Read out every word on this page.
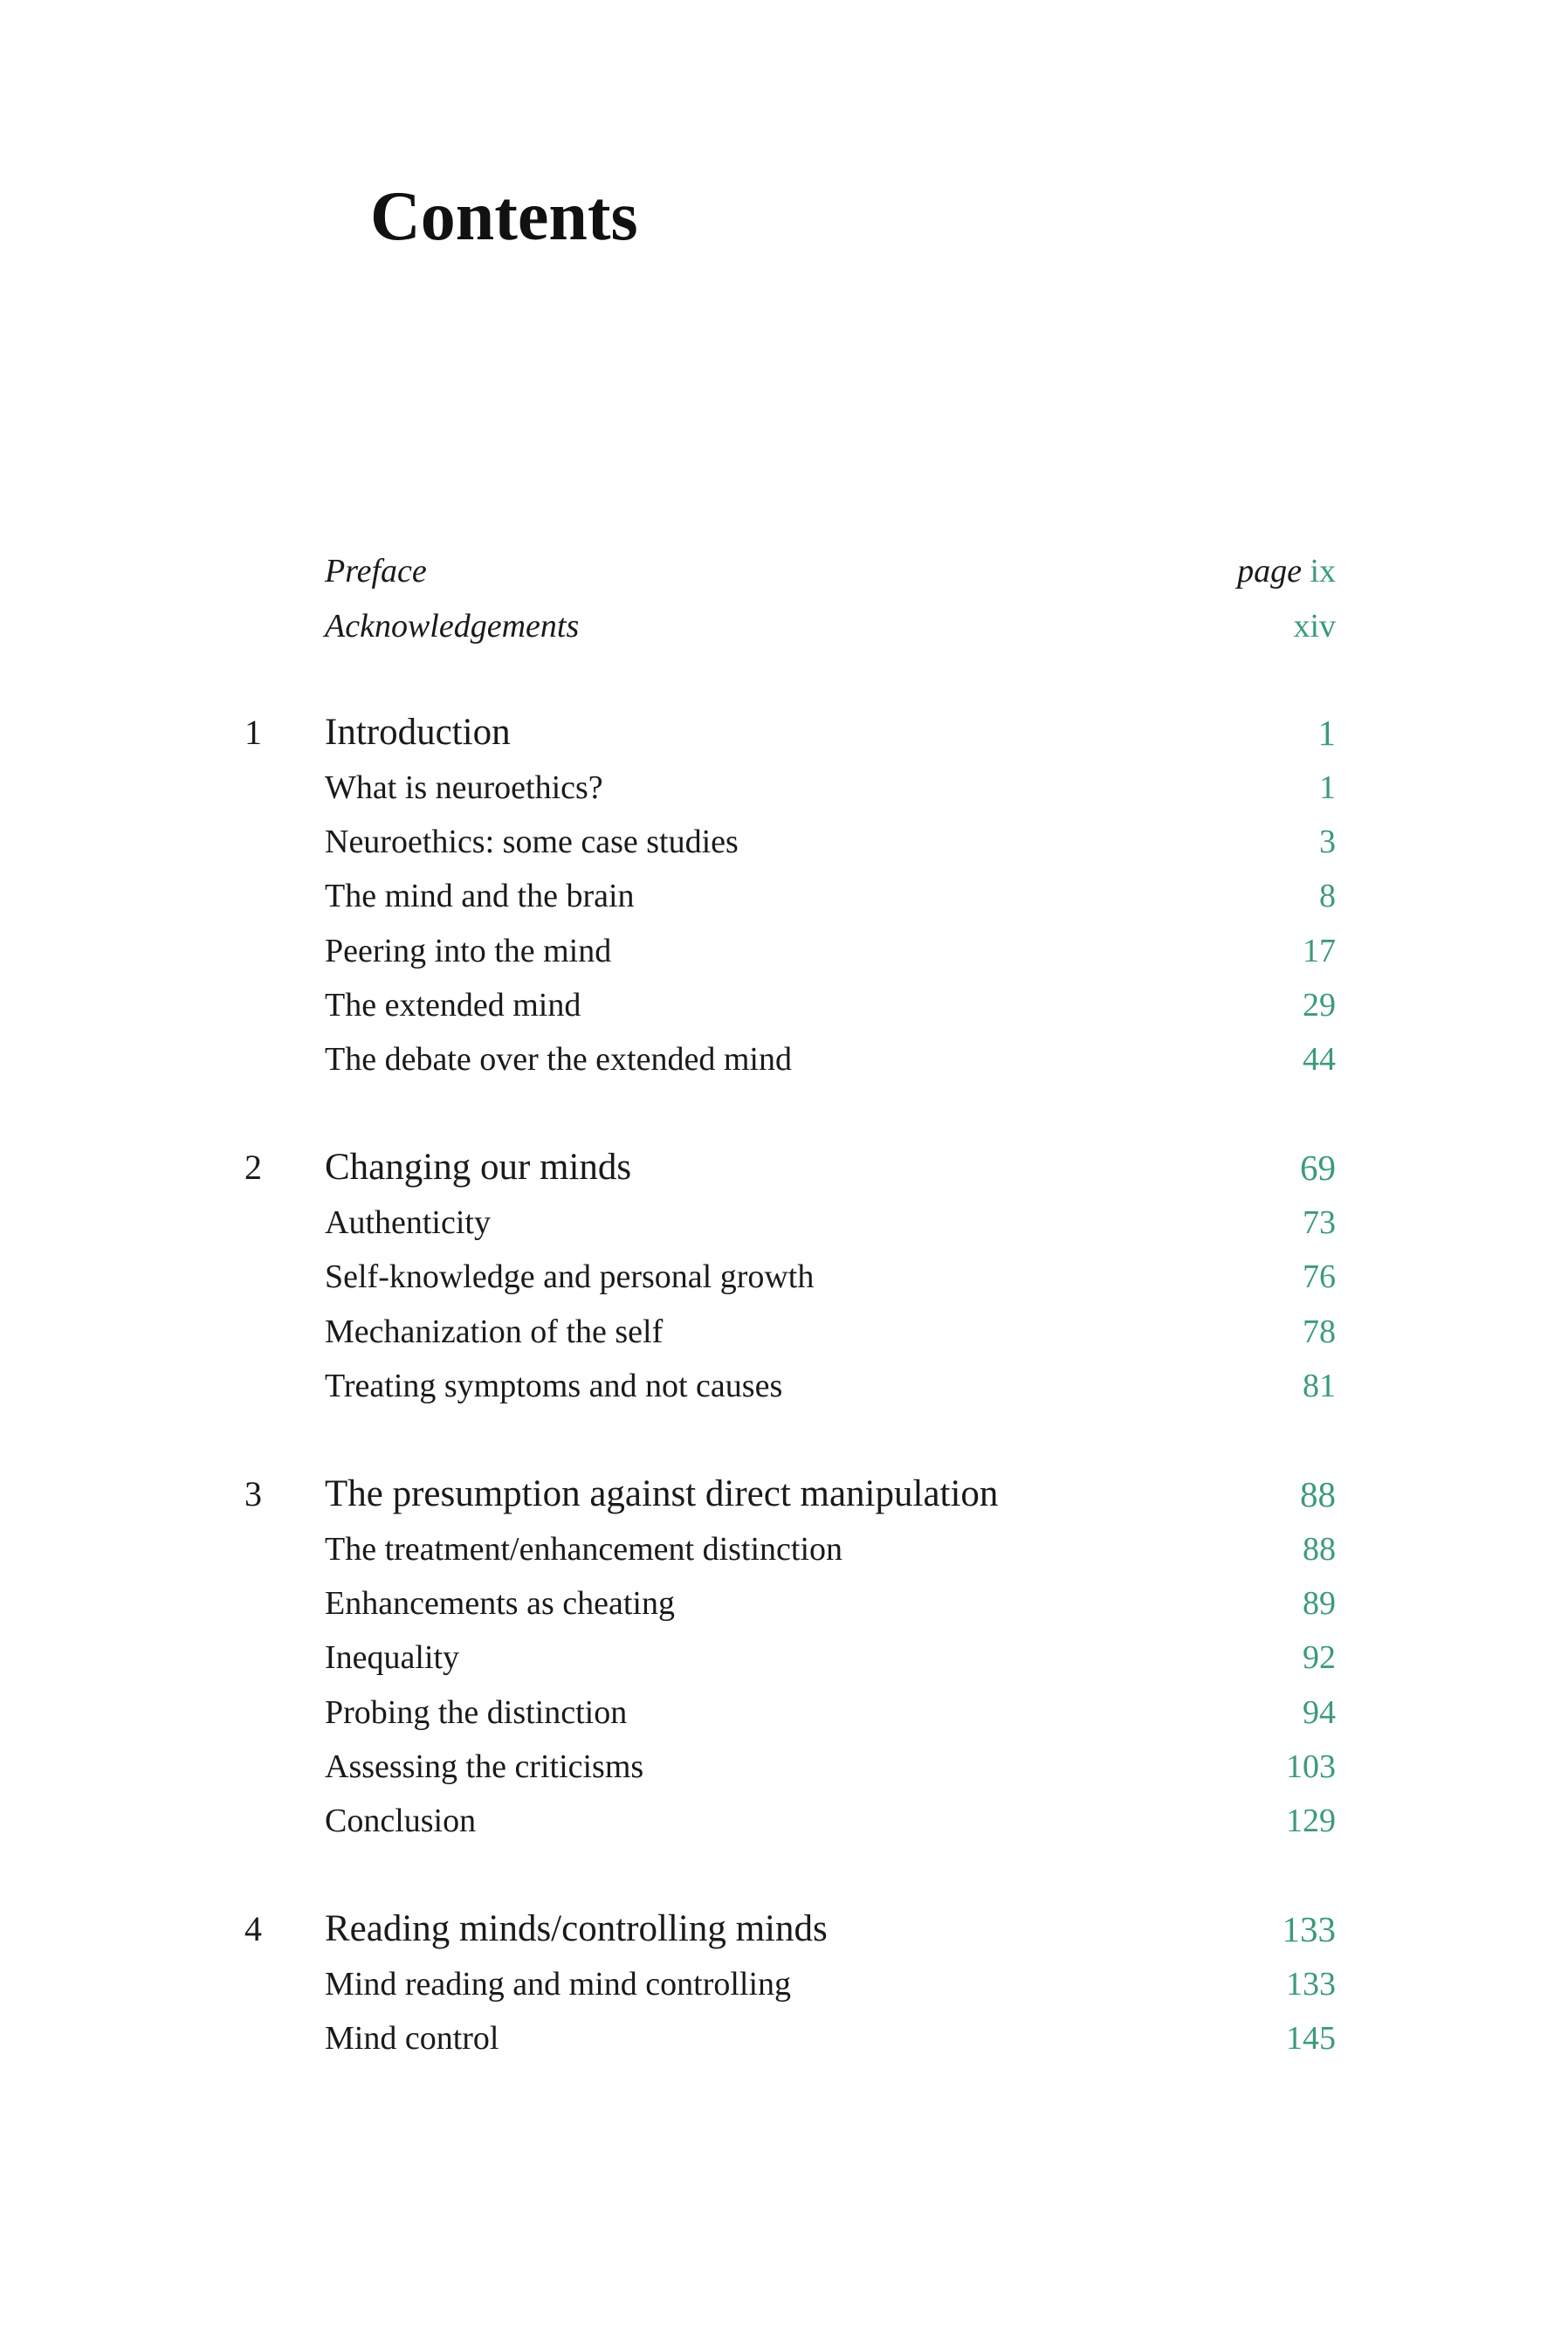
Contents
Preface	page ix
Acknowledgements	xiv
1	Introduction	1
What is neuroethics?	1
Neuroethics: some case studies	3
The mind and the brain	8
Peering into the mind	17
The extended mind	29
The debate over the extended mind	44
2	Changing our minds	69
Authenticity	73
Self-knowledge and personal growth	76
Mechanization of the self	78
Treating symptoms and not causes	81
3	The presumption against direct manipulation	88
The treatment/enhancement distinction	88
Enhancements as cheating	89
Inequality	92
Probing the distinction	94
Assessing the criticisms	103
Conclusion	129
4	Reading minds/controlling minds	133
Mind reading and mind controlling	133
Mind control	145
